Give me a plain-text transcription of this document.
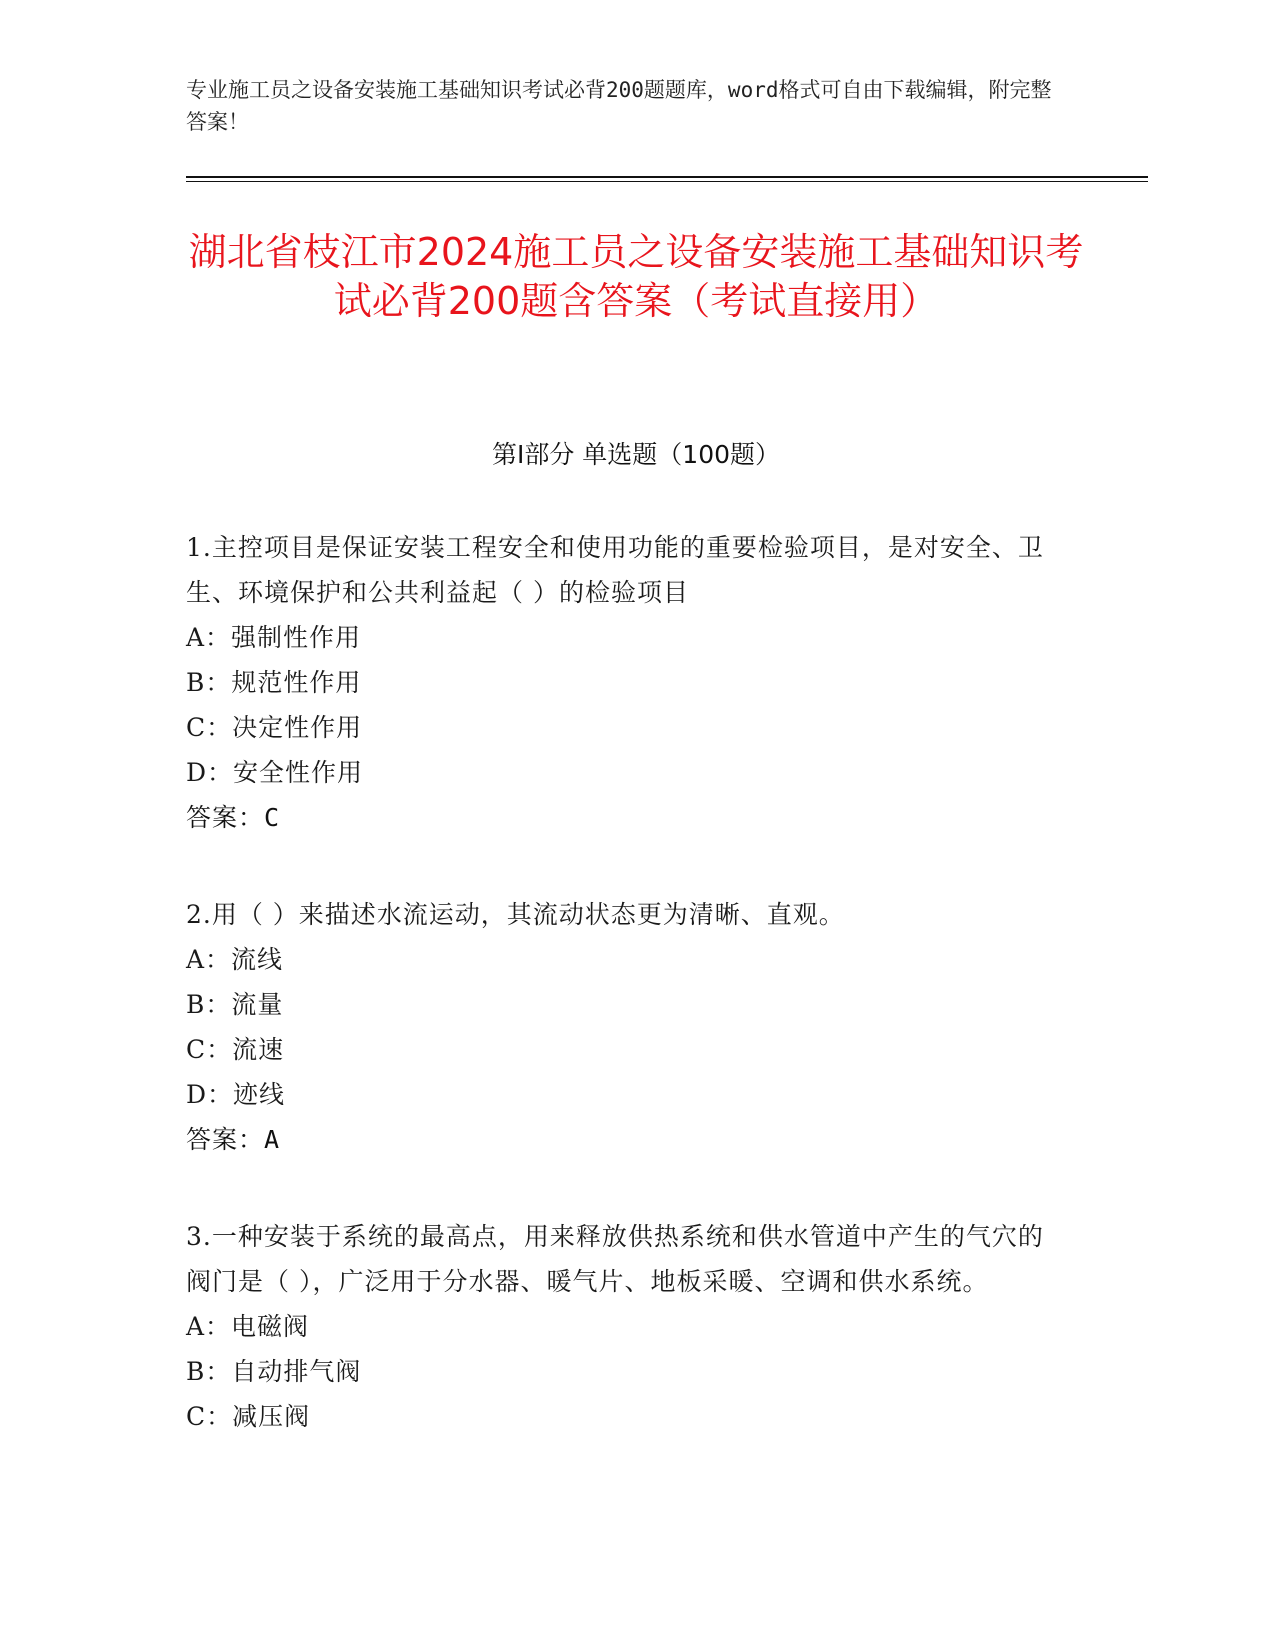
专业施工员之设备安装施工基础知识考试必背200题题库，word格式可自由下载编辑，附完整答案！
湖北省枝江市2024施工员之设备安装施工基础知识考试必背200题含答案（考试直接用）
第Ⅰ部分 单选题（100题）
1.主控项目是保证安装工程安全和使用功能的重要检验项目，是对安全、卫生、环境保护和公共利益起（ ）的检验项目
A：强制性作用
B：规范性作用
C：决定性作用
D：安全性作用
答案：C
2.用（ ）来描述水流运动，其流动状态更为清晰、直观。
A：流线
B：流量
C：流速
D：迹线
答案：A
3.一种安装于系统的最高点，用来释放供热系统和供水管道中产生的气穴的阀门是（ ），广泛用于分水器、暖气片、地板采暖、空调和供水系统。
A：电磁阀
B：自动排气阀
C：减压阀
